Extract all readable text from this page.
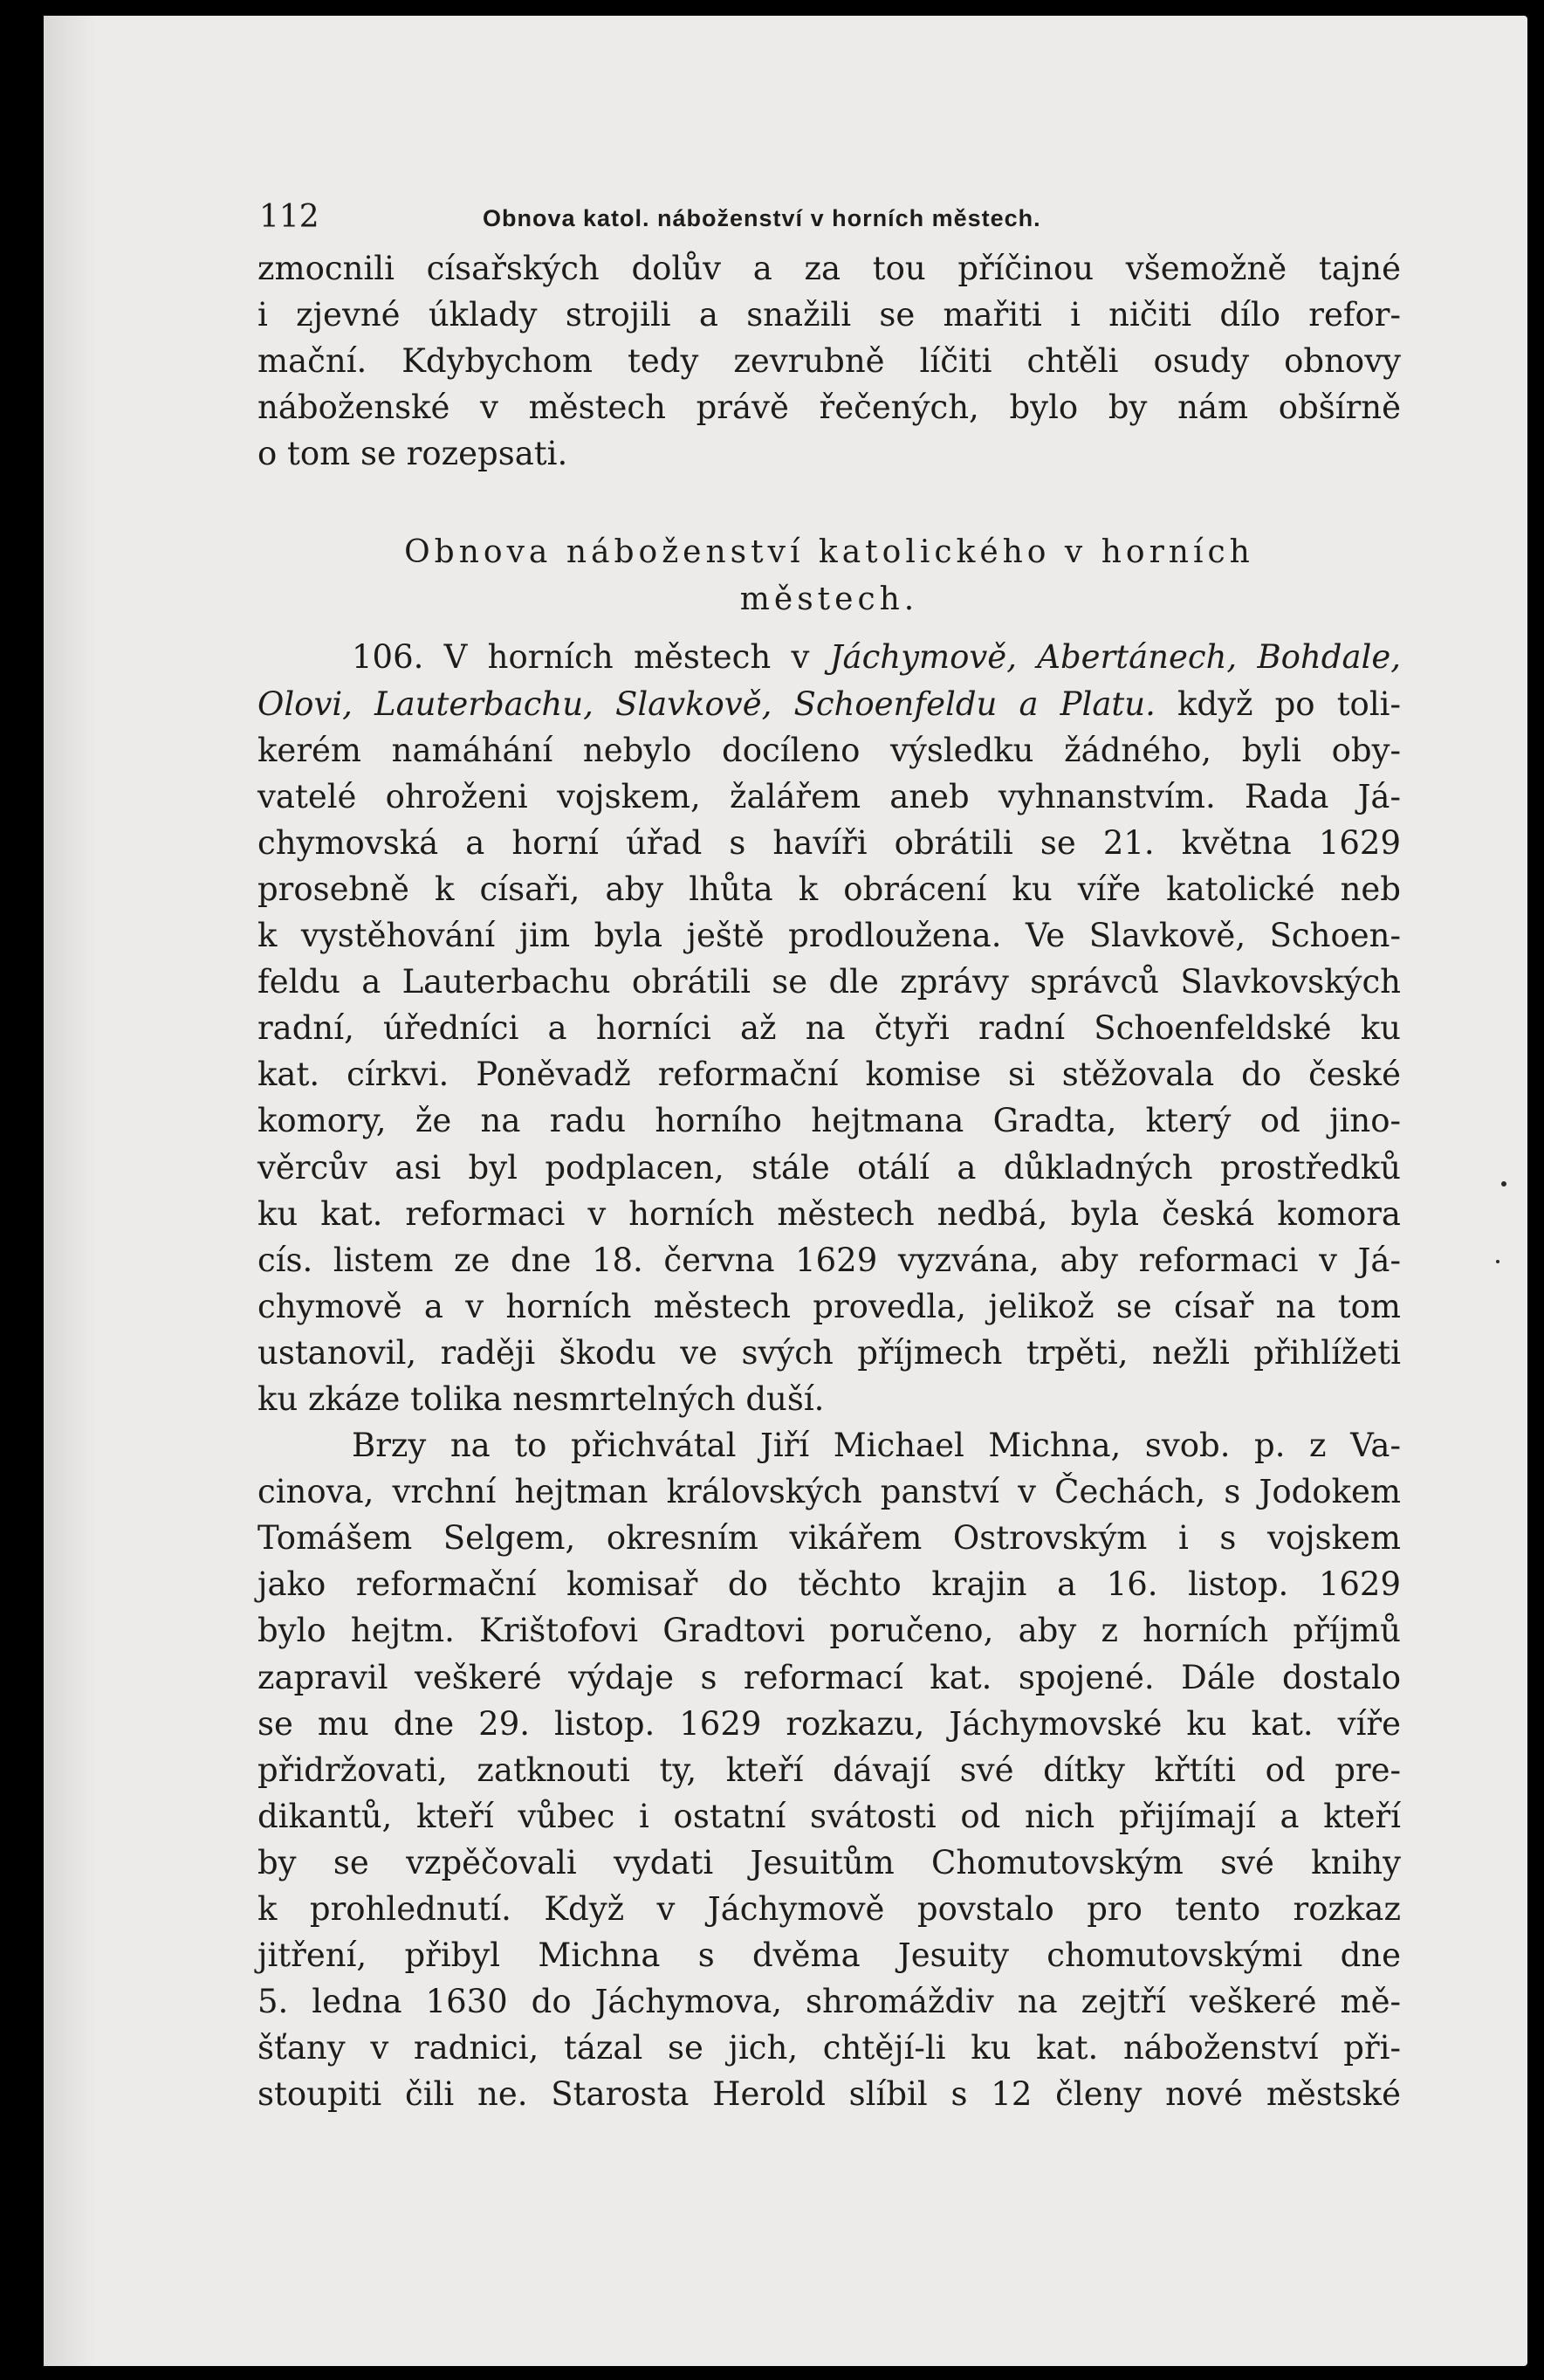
112	Obnova katol. náboženství v horních městech.
zmocnili císařských dolův a za tou příčinou všemožně tajné
i zjevné úklady strojili a snažili se mařiti i ničiti dílo refor-
mační. Kdybychom tedy zevrubně líčiti chtěli osudy obnovy
náboženské v městech právě řečených, bylo by nám obšírně
o tom se rozepsati.
Obnova náboženství katolického v horních
městech.
106. V horních městech v Jáchymově, Abertánech, Bohdale,
Olovi, Lauterbachu, Slavkově, Schoenfeldu a Platu. když po toli-
kerém namáhání nebylo docíleno výsledku žádného, byli oby-
vatelé ohroženi vojskem, žalářem aneb vyhnanstvím. Rada Já-
chymovská a horní úřad s havíři obrátili se 21. května 1629
prosebně k císaři, aby lhůta k obrácení ku víře katolické neb
k vystěhování jim byla ještě prodloužena. Ve Slavkově, Schoen-
feldu a Lauterbachu obrátili se dle zprávy správců Slavkovských
radní, úředníci a horníci až na čtyři radní Schoenfeldské ku
kat. církvi. Poněvadž reformační komise si stěžovala do české
komory, že na radu horního hejtmana Gradta, který od jino-
věrcův asi byl podplacen, stále otálí a důkladných prostředků
ku kat. reformaci v horních městech nedbá, byla česká komora
cís. listem ze dne 18. června 1629 vyzvána, aby reformaci v Já-
chymově a v horních městech provedla, jelikož se císař na tom
ustanovil, raději škodu ve svých příjmech trpěti, nežli přihlížeti
ku zkáze tolika nesmrtelných duší.
Brzy na to přichvátal Jiří Michael Michna, svob. p. z Va-
cinova, vrchní hejtman královských panství v Čechách, s Jodokem
Tomášem Selgem, okresním vikářem Ostrovským i s vojskem
jako reformační komisař do těchto krajin a 16. listop. 1629
bylo hejtm. Krištofovi Gradtovi poručeno, aby z horních příjmů
zapravil veškeré výdaje s reformací kat. spojené. Dále dostalo
se mu dne 29. listop. 1629 rozkazu, Jáchymovské ku kat. víře
přidržovati, zatknouti ty, kteří dávají své dítky křtíti od pre-
dikantů, kteří vůbec i ostatní svátosti od nich přijímají a kteří
by se vzpěčovali vydati Jesuitům Chomutovským své knihy
k prohlednutí. Když v Jáchymově povstalo pro tento rozkaz
jitření, přibyl Michna s dvěma Jesuity chomutovskými dne
5. ledna 1630 do Jáchymova, shromáždiv na zejtří veškeré mě-
šťany v radnici, tázal se jich, chtějí-li ku kat. náboženství při-
stoupiti čili ne. Starosta Herold slíbil s 12 členy nové městské
